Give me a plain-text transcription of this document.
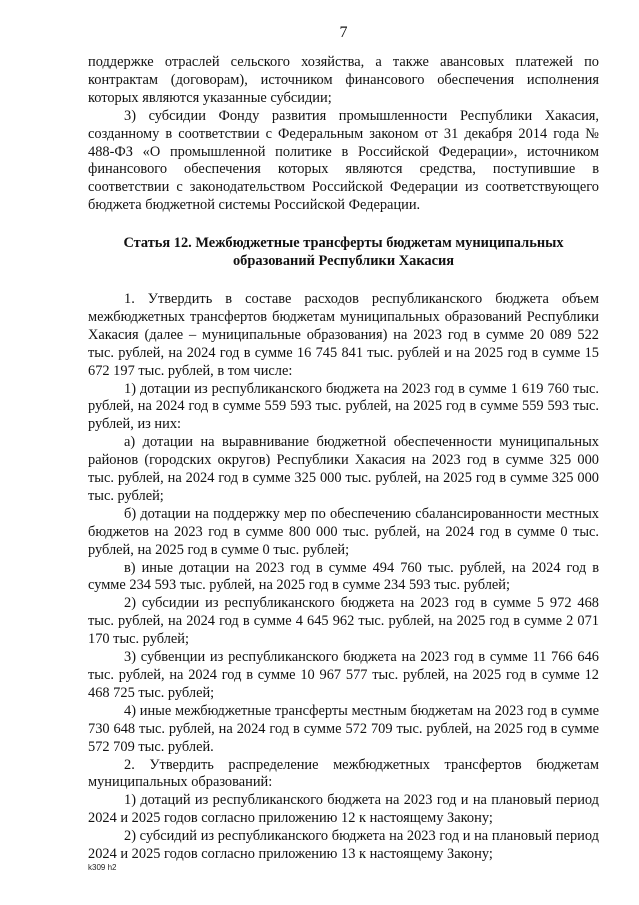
7

поддержке отраслей сельского хозяйства, а также авансовых платежей по контрактам (договорам), источником финансового обеспечения исполнения которых являются указанные субсидии;

3) субсидии Фонду развития промышленности Республики Хакасия, созданному в соответствии с Федеральным законом от 31 декабря 2014 года № 488-ФЗ «О промышленной политике в Российской Федерации», источником финансового обеспечения которых являются средства, поступившие в соответствии с законодательством Российской Федерации из соответствующего бюджета бюджетной системы Российской Федерации.

Статья 12. Межбюджетные трансферты бюджетам муниципальных образований Республики Хакасия

1. Утвердить в составе расходов республиканского бюджета объем межбюджетных трансфертов бюджетам муниципальных образований Республики Хакасия (далее – муниципальные образования) на 2023 год в сумме 20 089 522 тыс. рублей, на 2024 год в сумме 16 745 841 тыс. рублей и на 2025 год в сумме 15 672 197 тыс. рублей, в том числе:

1) дотации из республиканского бюджета на 2023 год в сумме 1 619 760 тыс. рублей, на 2024 год в сумме 559 593 тыс. рублей, на 2025 год в сумме 559 593 тыс. рублей, из них:

а) дотации на выравнивание бюджетной обеспеченности муниципальных районов (городских округов) Республики Хакасия на 2023 год в сумме 325 000 тыс. рублей, на 2024 год в сумме 325 000 тыс. рублей, на 2025 год в сумме 325 000 тыс. рублей;

б) дотации на поддержку мер по обеспечению сбалансированности местных бюджетов на 2023 год в сумме 800 000 тыс. рублей, на 2024 год в сумме 0 тыс. рублей, на 2025 год в сумме 0 тыс. рублей;

в) иные дотации на 2023 год в сумме 494 760 тыс. рублей, на 2024 год в сумме 234 593 тыс. рублей, на 2025 год в сумме 234 593 тыс. рублей;

2) субсидии из республиканского бюджета на 2023 год в сумме 5 972 468 тыс. рублей, на 2024 год в сумме 4 645 962 тыс. рублей, на 2025 год в сумме 2 071 170 тыс. рублей;

3) субвенции из республиканского бюджета на 2023 год в сумме 11 766 646 тыс. рублей, на 2024 год в сумме 10 967 577 тыс. рублей, на 2025 год в сумме 12 468 725 тыс. рублей;

4) иные межбюджетные трансферты местным бюджетам на 2023 год в сумме 730 648 тыс. рублей, на 2024 год в сумме 572 709 тыс. рублей, на 2025 год в сумме 572 709 тыс. рублей.

2. Утвердить распределение межбюджетных трансфертов бюджетам муниципальных образований:

1) дотаций из республиканского бюджета на 2023 год и на плановый период 2024 и 2025 годов согласно приложению 12 к настоящему Закону;

2) субсидий из республиканского бюджета на 2023 год и на плановый период 2024 и 2025 годов согласно приложению 13 к настоящему Закону;

k309 h2
